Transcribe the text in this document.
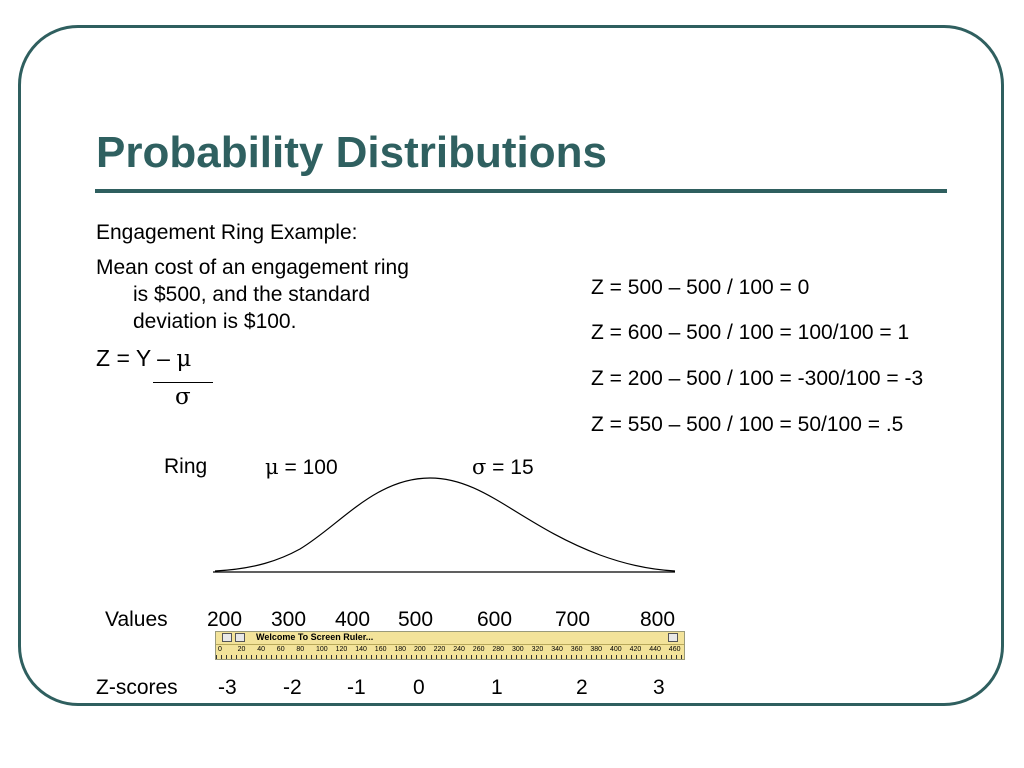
Probability Distributions
Engagement Ring Example:
Mean cost of an engagement ring
is $500, and the standard
deviation is $100.
Z = Y – μ
σ
Z = 500 – 500 / 100 = 0
Z = 600 – 500 / 100 = 100/100 = 1
Z = 200 – 500 / 100 = -300/100 = -3
Z = 550 – 500 / 100 = 50/100 = .5
Ring	μ = 100	σ = 15
Values 200 300 400 500 600 700 800
Welcome To Screen Ruler...
0 20 40 60 80 100 120 140 160 180 200 220 240 260 280 300 320 340 360 380 400 420 440 460
Z-scores -3 -2 -1 0	1	2	3
